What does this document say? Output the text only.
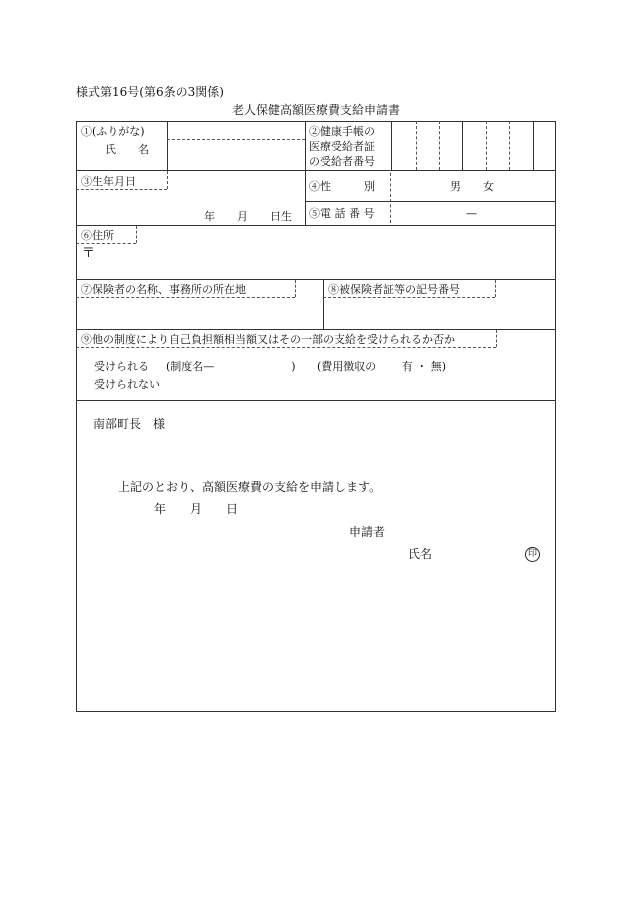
様式第16号(第6条の3関係)
老人保健高額医療費支給申請書
①(ふりがな)
氏　　名
②健康手帳の
医療受給者証
の受給者番号
③生年月日
年　　月　　日生
④性　　　別	男　　女
⑤電 話 番 号	—
⑥住所
〒
⑦保険者の名称、事務所の所在地	⑧被保険者証等の記号番号
⑨他の制度により自己負担額相当額又はその一部の支給を受けられるか否か
受けられる (制度名—　　　　　　　) (費用徴収の　　 有 ・ 無)
受けられない
南部町長　様
上記のとおり、高額医療費の支給を申請します。
年　　月　　日
申請者
氏名	印
